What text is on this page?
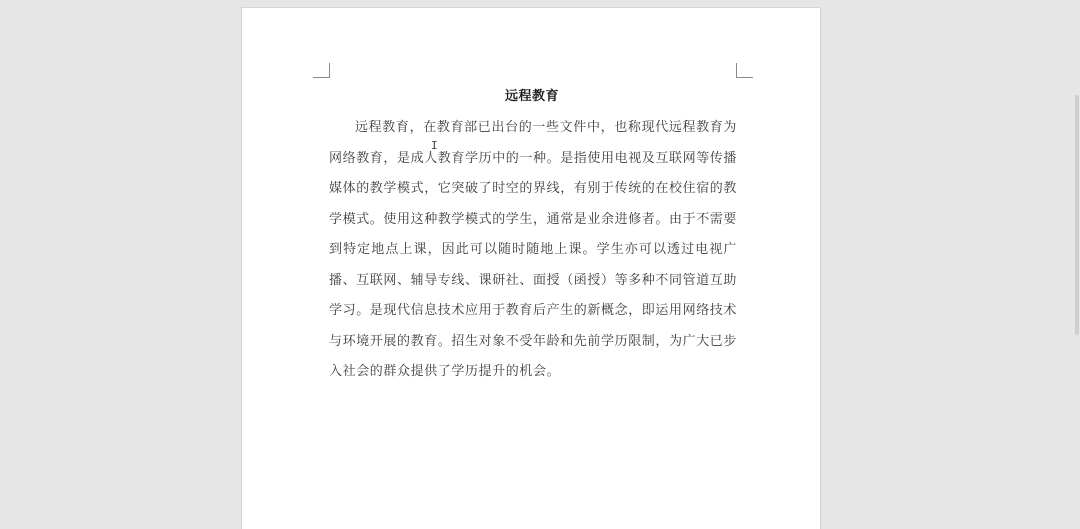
远程教育

远程教育，在教育部已出台的一些文件中，也称现代远程教育为网络教育，是成人教育学历中的一种。是指使用电视及互联网等传播媒体的教学模式，它突破了时空的界线，有别于传统的在校住宿的教学模式。使用这种教学模式的学生，通常是业余进修者。由于不需要到特定地点上课，因此可以随时随地上课。学生亦可以透过电视广播、互联网、辅导专线、课研社、面授（函授）等多种不同管道互助学习。是现代信息技术应用于教育后产生的新概念，即运用网络技术与环境开展的教育。招生对象不受年龄和先前学历限制，为广大已步入社会的群众提供了学历提升的机会。

I
